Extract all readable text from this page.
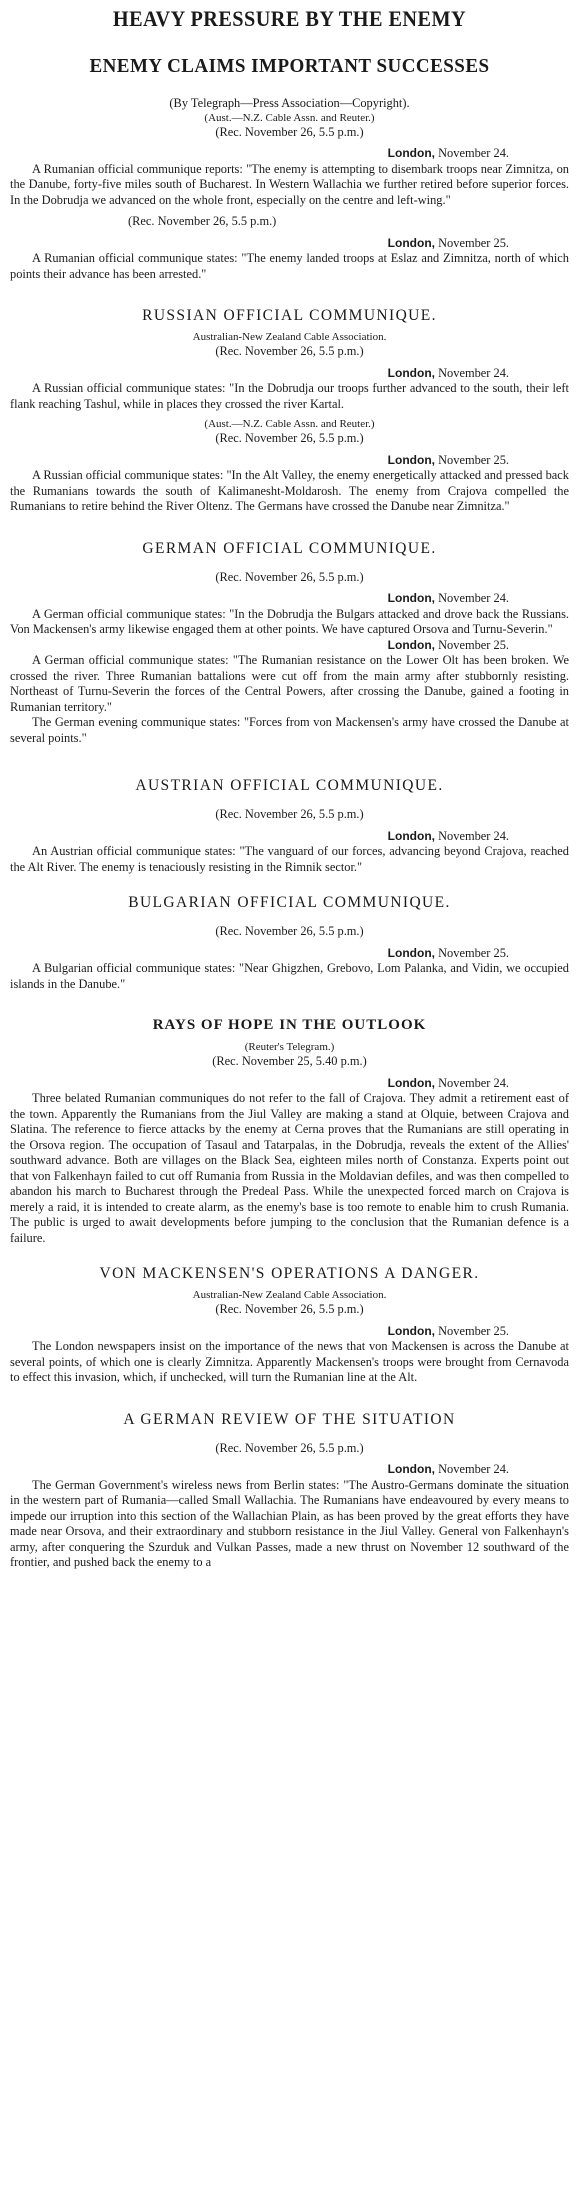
HEAVY PRESSURE BY THE ENEMY
ENEMY CLAIMS IMPORTANT SUCCESSES

(By Telegraph—Press Association—Copyright).

(Aust.—N.Z. Cable Assn. and Reuter.)

(Rec. November 26, 5.5 p.m.)

London, November 24.

A Rumanian official communique reports: "The enemy is attempting to disembark troops near Zimnitza, on the Danube, forty-five miles south of Bucharest. In Western Wallachia we further retired before superior forces. In the Dobrudja we advanced on the whole front, especially on the centre and left-wing."

(Rec. November 26, 5.5 p.m.)

London, November 25.

A Rumanian official communique states: "The enemy landed troops at Eslaz and Zimnitza, north of which points their advance has been arrested."

RUSSIAN OFFICIAL COMMUNIQUE.

Australian-New Zealand Cable Association.

(Rec. November 26, 5.5 p.m.)

London, November 24.

A Russian official communique states: "In the Dobrudja our troops further advanced to the south, their left flank reaching Tashul, while in places they crossed the river Kartal.

(Aust.—N.Z. Cable Assn. and Reuter.)

(Rec. November 26, 5.5 p.m.)

London, November 25.

A Russian official communique states: "In the Alt Valley, the enemy energetically attacked and pressed back the Rumanians towards the south of Kalimanesht-Moldarosh. The enemy from Crajova compelled the Rumanians to retire behind the River Oltenz. The Germans have crossed the Danube near Zimnitza."

GERMAN OFFICIAL COMMUNIQUE.

(Rec. November 26, 5.5 p.m.)

London, November 24.

A German official communique states: "In the Dobrudja the Bulgars attacked and drove back the Russians. Von Mackensen's army likewise engaged them at other points. We have captured Orsova and Turnu-Severin."

London, November 25.

A German official communique states: "The Rumanian resistance on the Lower Olt has been broken. We crossed the river. Three Rumanian battalions were cut off from the main army after stubbornly resisting. Northeast of Turnu-Severin the forces of the Central Powers, after crossing the Danube, gained a footing in Rumanian territory."

The German evening communique states: "Forces from von Mackensen's army have crossed the Danube at several points."

AUSTRIAN OFFICIAL COMMUNIQUE.

(Rec. November 26, 5.5 p.m.)

London, November 24.

An Austrian official communique states: "The vanguard of our forces, advancing beyond Crajova, reached the Alt River. The enemy is tenaciously resisting in the Rimnik sector."

BULGARIAN OFFICIAL COMMUNIQUE.

(Rec. November 26, 5.5 p.m.)

London, November 25.

A Bulgarian official communique states: "Near Ghigzhen, Grebovo, Lom Palanka, and Vidin, we occupied islands in the Danube."

RAYS OF HOPE IN THE OUTLOOK

(Reuter's Telegram.)

(Rec. November 25, 5.40 p.m.)

London, November 24.

Three belated Rumanian communiques do not refer to the fall of Crajova. They admit a retirement east of the town. Apparently the Rumanians from the Jiul Valley are making a stand at Olquie, between Crajova and Slatina. The reference to fierce attacks by the enemy at Cerna proves that the Rumanians are still operating in the Orsova region. The occupation of Tasaul and Tatarpalas, in the Dobrudja, reveals the extent of the Allies' southward advance. Both are villages on the Black Sea, eighteen miles north of Constanza. Experts point out that von Falkenhayn failed to cut off Rumania from Russia in the Moldavian defiles, and was then compelled to abandon his march to Bucharest through the Predeal Pass. While the unexpected forced march on Crajova is merely a raid, it is intended to create alarm, as the enemy's base is too remote to enable him to crush Rumania. The public is urged to await developments before jumping to the conclusion that the Rumanian defence is a failure.

VON MACKENSEN'S OPERATIONS A DANGER.

Australian-New Zealand Cable Association.

(Rec. November 26, 5.5 p.m.)

London, November 25.

The London newspapers insist on the importance of the news that von Mackensen is across the Danube at several points, of which one is clearly Zimnitza. Apparently Mackensen's troops were brought from Cernavoda to effect this invasion, which, if unchecked, will turn the Rumanian line at the Alt.

A GERMAN REVIEW OF THE SITUATION

(Rec. November 26, 5.5 p.m.)

London, November 24.

The German Government's wireless news from Berlin states: "The Austro-Germans dominate the situation in the western part of Rumania—called Small Wallachia. The Rumanians have endeavoured by every means to impede our irruption into this section of the Wallachian Plain, as has been proved by the great efforts they have made near Orsova, and their extraordinary and stubborn resistance in the Jiul Valley. General von Falkenhayn's army, after conquering the Szurduk and Vulkan Passes, made a new thrust on November 12 southward of the frontier, and pushed back the enemy to a
